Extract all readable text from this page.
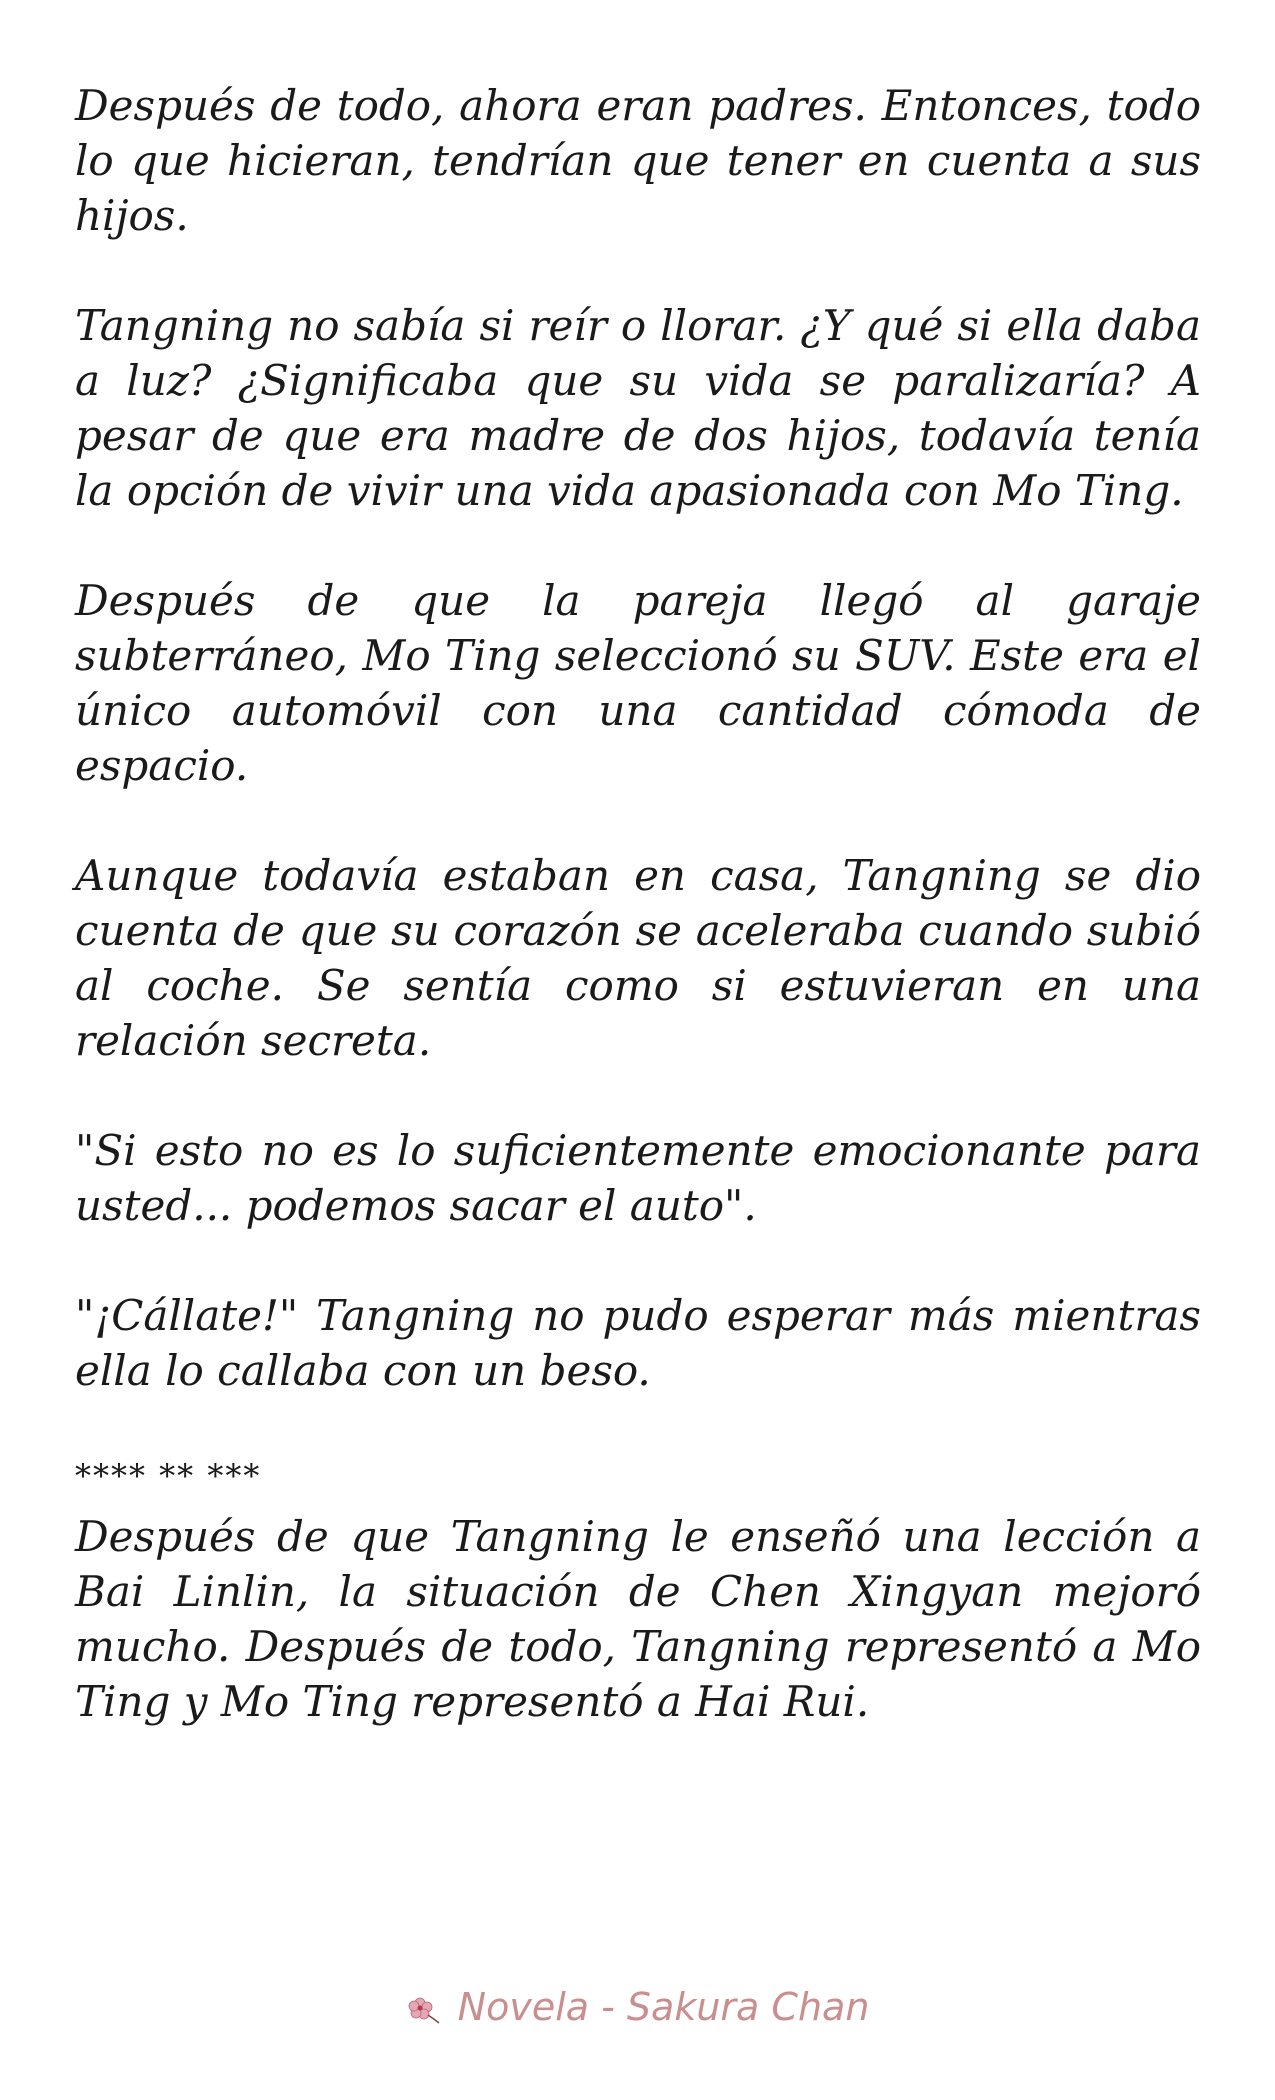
Después de todo, ahora eran padres. Entonces, todo lo que hicieran, tendrían que tener en cuenta a sus hijos.

Tangning no sabía si reír o llorar. ¿Y qué si ella daba a luz? ¿Significaba que su vida se paralizaría? A pesar de que era madre de dos hijos, todavía tenía la opción de vivir una vida apasionada con Mo Ting.

Después de que la pareja llegó al garaje subterráneo, Mo Ting seleccionó su SUV. Este era el único automóvil con una cantidad cómoda de espacio.

Aunque todavía estaban en casa, Tangning se dio cuenta de que su corazón se aceleraba cuando subió al coche. Se sentía como si estuvieran en una relación secreta.

"Si esto no es lo suficientemente emocionante para usted... podemos sacar el auto".

"¡Cállate!" Tangning no pudo esperar más mientras ella lo callaba con un beso.

**** ** ***

Después de que Tangning le enseñó una lección a Bai Linlin, la situación de Chen Xingyan mejoró mucho. Después de todo, Tangning representó a Mo Ting y Mo Ting representó a Hai Rui.

Novela - Sakura Chan
